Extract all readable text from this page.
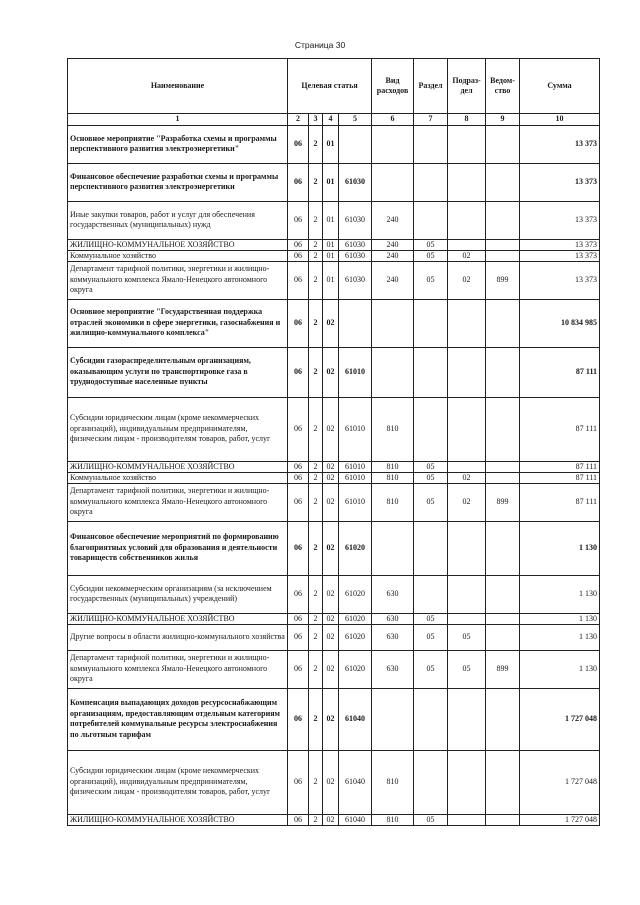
Страница 30
Наименование	Целевая статья				Вид расходов	Раздел	Подраз-дел	Ведом-ство	Сумма
1	2	3	4	5	6	7	8	9	10
Основное мероприятие "Разработка схемы и программы перспективного развития электроэнергетики"	06	2	01						13 373
Финансовое обеспечение разработки схемы и программы перспективного развития электроэнергетики	06	2	01	61030					13 373
Иные закупки товаров, работ и услуг для обеспечения государственных (муниципальных) нужд	06	2	01	61030	240				13 373
ЖИЛИЩНО-КОММУНАЛЬНОЕ ХОЗЯЙСТВО	06	2	01	61030	240	05			13 373
Коммунальное хозяйство	06	2	01	61030	240	05	02		13 373
Департамент тарифной политики, энергетики и жилищно-коммунального комплекса Ямало-Ненецкого автономного округа	06	2	01	61030	240	05	02	899	13 373
Основное мероприятие "Государственная поддержка отраслей экономики в сфере энергетики, газоснабжения и жилищно-коммунального комплекса"	06	2	02						10 834 985
Субсидии газораспределительным организациям, оказывающим услуги по транспортировке газа в труднодоступные населенные пункты	06	2	02	61010					87 111
Субсидии юридическим лицам (кроме некоммерческих организаций), индивидуальным предпринимателям, физическим лицам - производителям товаров, работ, услуг	06	2	02	61010	810				87 111
ЖИЛИЩНО-КОММУНАЛЬНОЕ ХОЗЯЙСТВО	06	2	02	61010	810	05			87 111
Коммунальное хозяйство	06	2	02	61010	810	05	02		87 111
Департамент тарифной политики, энергетики и жилищно-коммунального комплекса Ямало-Ненецкого автономного округа	06	2	02	61010	810	05	02	899	87 111
Финансовое обеспечение мероприятий по формированию благоприятных условий для образования и деятельности товариществ собственников жилья	06	2	02	61020					1 130
Субсидии некоммерческим организациям (за исключением государственных (муниципальных) учреждений)	06	2	02	61020	630				1 130
ЖИЛИЩНО-КОММУНАЛЬНОЕ ХОЗЯЙСТВО	06	2	02	61020	630	05			1 130
Другие вопросы в области жилищно-коммунального хозяйства	06	2	02	61020	630	05	05		1 130
Департамент тарифной политики, энергетики и жилищно-коммунального комплекса Ямало-Ненецкого автономного округа	06	2	02	61020	630	05	05	899	1 130
Компенсация выпадающих доходов ресурсоснабжающим организациям, предоставляющим отдельным категориям потребителей коммунальные ресурсы электроснабжения по льготным тарифам	06	2	02	61040					1 727 048
Субсидии юридическим лицам (кроме некоммерческих организаций), индивидуальным предпринимателям, физическим лицам - производителям товаров, работ, услуг	06	2	02	61040	810				1 727 048
ЖИЛИЩНО-КОММУНАЛЬНОЕ ХОЗЯЙСТВО	06	2	02	61040	810	05			1 727 048
